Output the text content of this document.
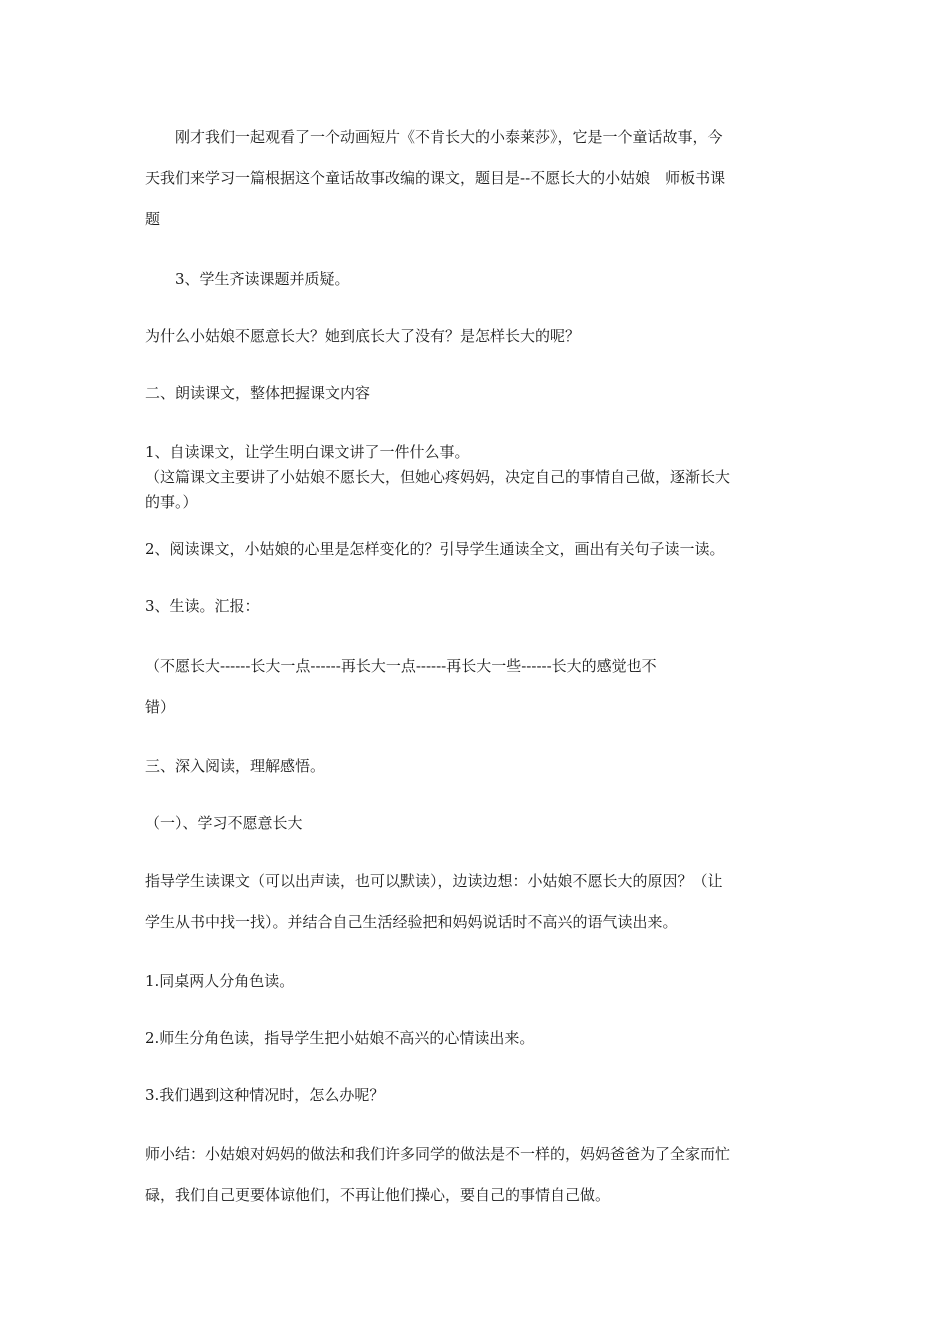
刚才我们一起观看了一个动画短片《不肯长大的小泰莱莎》，它是一个童话故事，今
天我们来学习一篇根据这个童话故事改编的课文，题目是--不愿长大的小姑娘　师板书课
题
3、学生齐读课题并质疑。
为什么小姑娘不愿意长大？她到底长大了没有？是怎样长大的呢？
二、朗读课文，整体把握课文内容
1、自读课文，让学生明白课文讲了一件什么事。
（这篇课文主要讲了小姑娘不愿长大，但她心疼妈妈，决定自己的事情自己做，逐渐长大
的事。）
2、阅读课文，小姑娘的心里是怎样变化的？引导学生通读全文，画出有关句子读一读。
3、生读。汇报：
（不愿长大------长大一点------再长大一点------再长大一些------长大的感觉也不
错）
三、深入阅读，理解感悟。
（一）、学习不愿意长大
指导学生读课文（可以出声读，也可以默读），边读边想：小姑娘不愿长大的原因？（让
学生从书中找一找）。并结合自己生活经验把和妈妈说话时不高兴的语气读出来。
1.同桌两人分角色读。
2.师生分角色读，指导学生把小姑娘不高兴的心情读出来。
3.我们遇到这种情况时，怎么办呢？
师小结：小姑娘对妈妈的做法和我们许多同学的做法是不一样的，妈妈爸爸为了全家而忙
碌，我们自己更要体谅他们，不再让他们操心，要自己的事情自己做。
